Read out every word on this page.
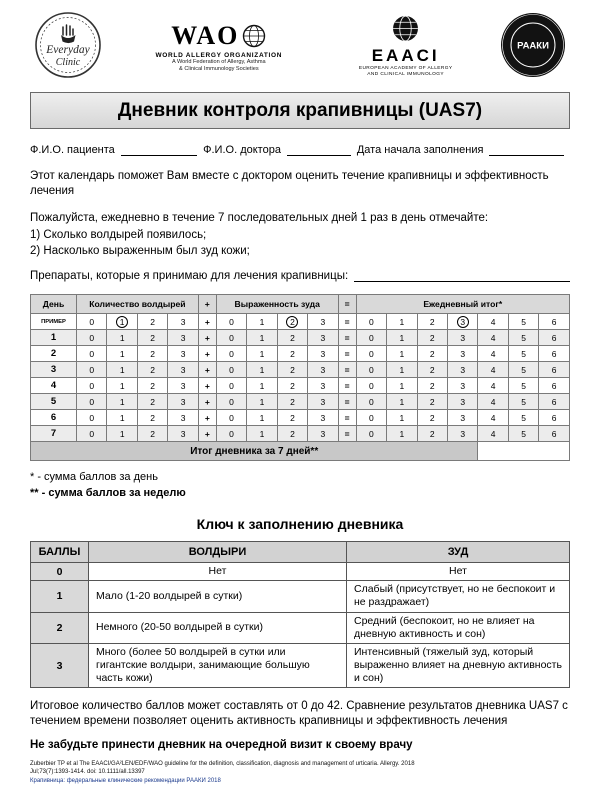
Everyday
Clinic
WAO
WORLD ALLERGY ORGANIZATION
A World Federation of Allergy, Asthma
& Clinical Immunology Societies
EAACI
EUROPEAN ACADEMY OF ALLERGY
AND CLINICAL IMMUNOLOGY
РААКИ
Дневник контроля крапивницы (UAS7)
Ф.И.О. пациента	Ф.И.О. доктора	Дата начала заполнения

Этот календарь поможет Вам вместе с доктором оценить течение крапивницы и эффективность лечения

Пожалуйста, ежедневно в течение 7 последовательных дней 1 раз в день отмечайте:
1) Сколько волдырей появилось;
2) Насколько выраженным был зуд кожи;
Препараты, которые я принимаю для лечения крапивницы:
День	Количество волдырей				+	Выраженность зуда				=	Ежедневный итог*						
ПРИМЕР	0	1	2	3	+	0	1	2	3	=	0	1	2	3	4	5	6
1	0	1	2	3	+	0	1	2	3	=	0	1	2	3	4	5	6
2	0	1	2	3	+	0	1	2	3	=	0	1	2	3	4	5	6
3	0	1	2	3	+	0	1	2	3	=	0	1	2	3	4	5	6
4	0	1	2	3	+	0	1	2	3	=	0	1	2	3	4	5	6
5	0	1	2	3	+	0	1	2	3	=	0	1	2	3	4	5	6
6	0	1	2	3	+	0	1	2	3	=	0	1	2	3	4	5	6
7	0	1	2	3	+	0	1	2	3	=	0	1	2	3	4	5	6
Итог дневника за 7 дней**																	
* - сумма баллов за день
** - сумма баллов за неделю
Ключ к заполнению дневника
БАЛЛЫ	ВОЛДЫРИ	ЗУД
0	Нет	Нет
1	Мало (1-20 волдырей в сутки)	Слабый (присутствует, но не беспокоит и не раздражает)
2	Немного (20-50 волдырей в сутки)	Средний (беспокоит, но не влияет на дневную активность и сон)
3	Много (более 50 волдырей в сутки или гигантские волдыри, занимающие большую часть кожи)	Интенсивный (тяжелый зуд, который выраженно влияет на дневную активность и сон)

Итоговое количество баллов может составлять от 0 до 42. Сравнение результатов дневника UAS7 с течением времени позволяет оценить активность крапивницы и эффективность лечения

Не забудьте принести дневник на очередной визит к своему врачу

Zuberbier TP et al The EAACI/GA²LEN/EDF/WAO guideline for the definition, classification, diagnosis and management of urticaria. Allergy. 2018 Jul;73(7):1393-1414. doi: 10.1111/all.13397
Крапивница: федеральные клинические рекомендации РААКИ 2018
